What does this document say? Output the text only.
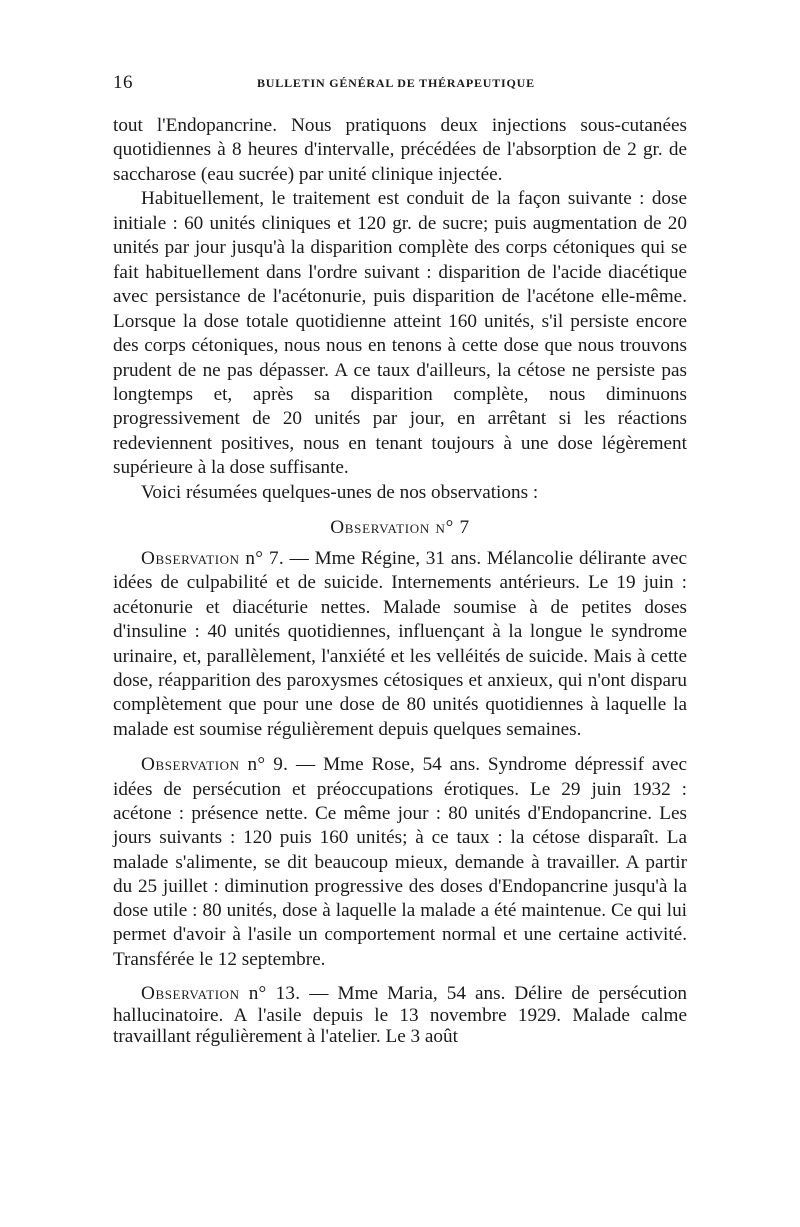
16	BULLETIN GÉNÉRAL DE THÉRAPEUTIQUE

tout l'Endopancrine. Nous pratiquons deux injections sous-cutanées quotidiennes à 8 heures d'intervalle, précédées de l'absorption de 2 gr. de saccharose (eau sucrée) par unité clinique injectée.

Habituellement, le traitement est conduit de la façon suivante : dose initiale : 60 unités cliniques et 120 gr. de sucre; puis augmentation de 20 unités par jour jusqu'à la disparition complète des corps cétoniques qui se fait habituellement dans l'ordre suivant : disparition de l'acide diacétique avec persistance de l'acétonurie, puis disparition de l'acétone elle-même. Lorsque la dose totale quotidienne atteint 160 unités, s'il persiste encore des corps cétoniques, nous nous en tenons à cette dose que nous trouvons prudent de ne pas dépasser. A ce taux d'ailleurs, la cétose ne persiste pas longtemps et, après sa disparition complète, nous diminuons progressivement de 20 unités par jour, en arrêtant si les réactions redeviennent positives, nous en tenant toujours à une dose légèrement supérieure à la dose suffisante.

Voici résumées quelques-unes de nos observations :

Observation n° 7

Observation n° 7. — Mme Régine, 31 ans. Mélancolie délirante avec idées de culpabilité et de suicide. Internements antérieurs. Le 19 juin : acétonurie et diacéturie nettes. Malade soumise à de petites doses d'insuline : 40 unités quotidiennes, influençant à la longue le syndrome urinaire, et, parallèlement, l'anxiété et les velléités de suicide. Mais à cette dose, réapparition des paroxysmes cétosiques et anxieux, qui n'ont disparu complètement que pour une dose de 80 unités quotidiennes à laquelle la malade est soumise régulièrement depuis quelques semaines.

Observation n° 9. — Mme Rose, 54 ans. Syndrome dépressif avec idées de persécution et préoccupations érotiques. Le 29 juin 1932 : acétone : présence nette. Ce même jour : 80 unités d'Endopancrine. Les jours suivants : 120 puis 160 unités; à ce taux : la cétose disparaît. La malade s'alimente, se dit beaucoup mieux, demande à travailler. A partir du 25 juillet : diminution progressive des doses d'Endopancrine jusqu'à la dose utile : 80 unités, dose à laquelle la malade a été maintenue. Ce qui lui permet d'avoir à l'asile un comportement normal et une certaine activité. Transférée le 12 septembre.

Observation n° 13. — Mme Maria, 54 ans. Délire de persécution hallucinatoire. A l'asile depuis le 13 novembre 1929. Malade calme travaillant régulièrement à l'atelier. Le 3 août
